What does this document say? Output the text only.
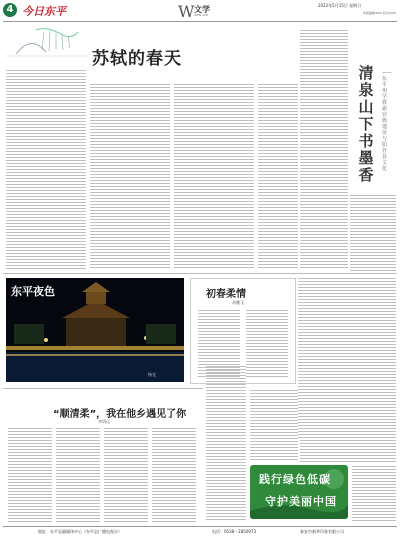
4 今日东平	W 文学
WEN XUE
2022年5月15日 星期日
本版编辑/XXX 校对/XXX
苏轼的春天
清泉山下书墨香
——东平州学教谕官衙遗址与阳谷县文化
东平夜色
杨光
初春柔情
胡鹏飞
“顺清柔”，我在他乡遇见了你
李明远
践行绿色低碳
守护美丽中国
地址：东平县融媒体中心（东平县广播电视台）	电话：0538－2850973	泰安市新华印务有限公司
